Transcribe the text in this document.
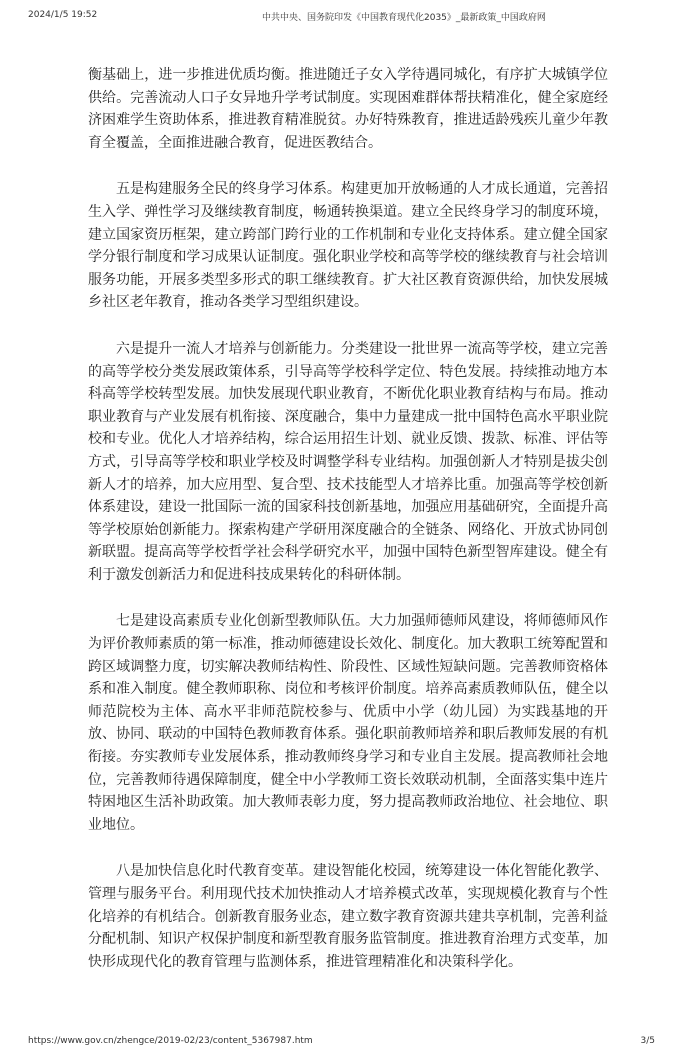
2024/1/5 19:52	中共中央、国务院印发《中国教育现代化2035》_最新政策_中国政府网

衡基础上，进一步推进优质均衡。推进随迁子女入学待遇同城化，有序扩大城镇学位供给。完善流动人口子女异地升学考试制度。实现困难群体帮扶精准化，健全家庭经济困难学生资助体系，推进教育精准脱贫。办好特殊教育，推进适龄残疾儿童少年教育全覆盖，全面推进融合教育，促进医教结合。

五是构建服务全民的终身学习体系。构建更加开放畅通的人才成长通道，完善招生入学、弹性学习及继续教育制度，畅通转换渠道。建立全民终身学习的制度环境，建立国家资历框架，建立跨部门跨行业的工作机制和专业化支持体系。建立健全国家学分银行制度和学习成果认证制度。强化职业学校和高等学校的继续教育与社会培训服务功能，开展多类型多形式的职工继续教育。扩大社区教育资源供给，加快发展城乡社区老年教育，推动各类学习型组织建设。

六是提升一流人才培养与创新能力。分类建设一批世界一流高等学校，建立完善的高等学校分类发展政策体系，引导高等学校科学定位、特色发展。持续推动地方本科高等学校转型发展。加快发展现代职业教育，不断优化职业教育结构与布局。推动职业教育与产业发展有机衔接、深度融合，集中力量建成一批中国特色高水平职业院校和专业。优化人才培养结构，综合运用招生计划、就业反馈、拨款、标准、评估等方式，引导高等学校和职业学校及时调整学科专业结构。加强创新人才特别是拔尖创新人才的培养，加大应用型、复合型、技术技能型人才培养比重。加强高等学校创新体系建设，建设一批国际一流的国家科技创新基地，加强应用基础研究，全面提升高等学校原始创新能力。探索构建产学研用深度融合的全链条、网络化、开放式协同创新联盟。提高高等学校哲学社会科学研究水平，加强中国特色新型智库建设。健全有利于激发创新活力和促进科技成果转化的科研体制。

七是建设高素质专业化创新型教师队伍。大力加强师德师风建设，将师德师风作为评价教师素质的第一标准，推动师德建设长效化、制度化。加大教职工统筹配置和跨区域调整力度，切实解决教师结构性、阶段性、区域性短缺问题。完善教师资格体系和准入制度。健全教师职称、岗位和考核评价制度。培养高素质教师队伍，健全以师范院校为主体、高水平非师范院校参与、优质中小学（幼儿园）为实践基地的开放、协同、联动的中国特色教师教育体系。强化职前教师培养和职后教师发展的有机衔接。夯实教师专业发展体系，推动教师终身学习和专业自主发展。提高教师社会地位，完善教师待遇保障制度，健全中小学教师工资长效联动机制，全面落实集中连片特困地区生活补助政策。加大教师表彰力度，努力提高教师政治地位、社会地位、职业地位。

八是加快信息化时代教育变革。建设智能化校园，统筹建设一体化智能化教学、管理与服务平台。利用现代技术加快推动人才培养模式改革，实现规模化教育与个性化培养的有机结合。创新教育服务业态，建立数字教育资源共建共享机制，完善利益分配机制、知识产权保护制度和新型教育服务监管制度。推进教育治理方式变革，加快形成现代化的教育管理与监测体系，推进管理精准化和决策科学化。

https://www.gov.cn/zhengce/2019-02/23/content_5367987.htm	3/5
